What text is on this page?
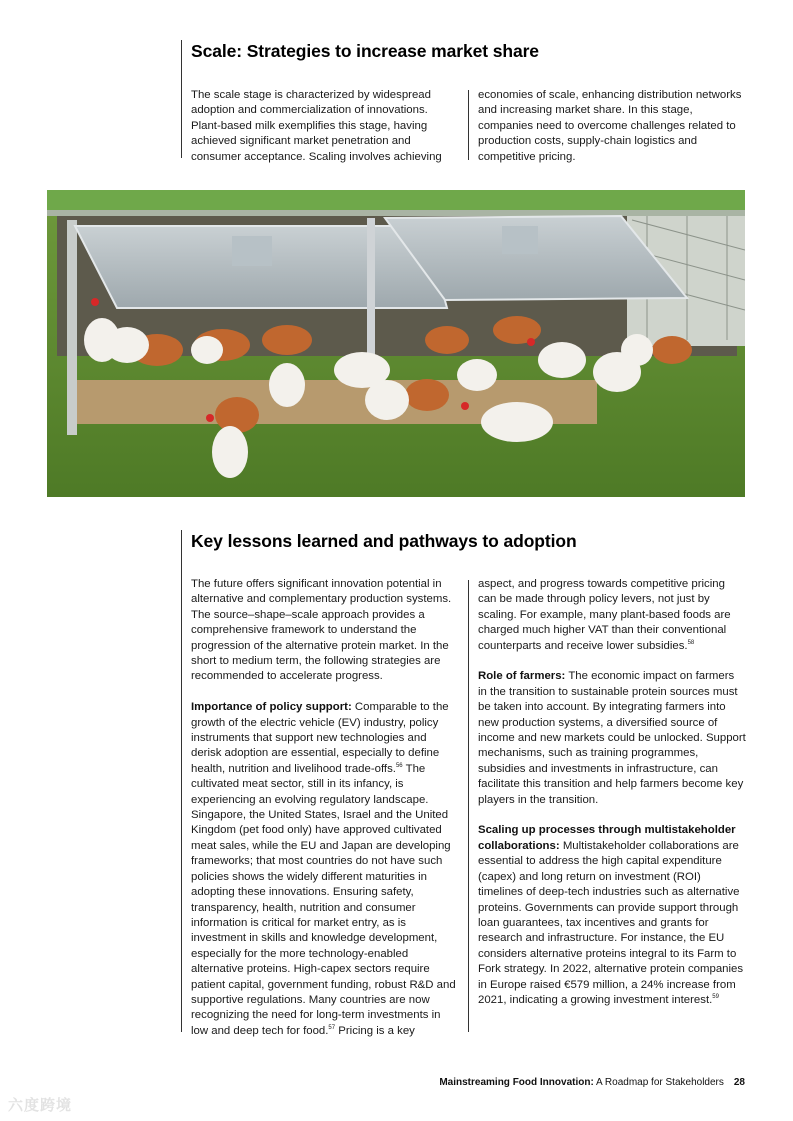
Scale: Strategies to increase market share

The scale stage is characterized by widespread adoption and commercialization of innovations. Plant-based milk exemplifies this stage, having achieved significant market penetration and consumer acceptance. Scaling involves achieving

economies of scale, enhancing distribution networks and increasing market share. In this stage, companies need to overcome challenges related to production costs, supply-chain logistics and competitive pricing.

Key lessons learned and pathways to adoption

The future offers significant innovation potential in alternative and complementary production systems. The source–shape–scale approach provides a comprehensive framework to understand the progression of the alternative protein market. In the short to medium term, the following strategies are recommended to accelerate progress.

Importance of policy support: Comparable to the growth of the electric vehicle (EV) industry, policy instruments that support new technologies and derisk adoption are essential, especially to define health, nutrition and livelihood trade-offs.$^{56}$ The cultivated meat sector, still in its infancy, is experiencing an evolving regulatory landscape. Singapore, the United States, Israel and the United Kingdom (pet food only) have approved cultivated meat sales, while the EU and Japan are developing frameworks; that most countries do not have such policies shows the widely different maturities in adopting these innovations. Ensuring safety, transparency, health, nutrition and consumer information is critical for market entry, as is investment in skills and knowledge development, especially for the more technology-enabled alternative proteins. High-capex sectors require patient capital, government funding, robust R&D and supportive regulations. Many countries are now recognizing the need for long-term investments in low and deep tech for food.$^{57}$ Pricing is a key

aspect, and progress towards competitive pricing can be made through policy levers, not just by scaling. For example, many plant-based foods are charged much higher VAT than their conventional counterparts and receive lower subsidies.$^{58}$

Role of farmers: The economic impact on farmers in the transition to sustainable protein sources must be taken into account. By integrating farmers into new production systems, a diversified source of income and new markets could be unlocked. Support mechanisms, such as training programmes, subsidies and investments in infrastructure, can facilitate this transition and help farmers become key players in the transition.

Scaling up processes through multistakeholder collaborations: Multistakeholder collaborations are essential to address the high capital expenditure (capex) and long return on investment (ROI) timelines of deep-tech industries such as alternative proteins. Governments can provide support through loan guarantees, tax incentives and grants for research and infrastructure. For instance, the EU considers alternative proteins integral to its Farm to Fork strategy. In 2022, alternative protein companies in Europe raised €579 million, a 24% increase from 2021, indicating a growing investment interest.$^{59}$

Mainstreaming Food Innovation: A Roadmap for Stakeholders 28
六度跨境
